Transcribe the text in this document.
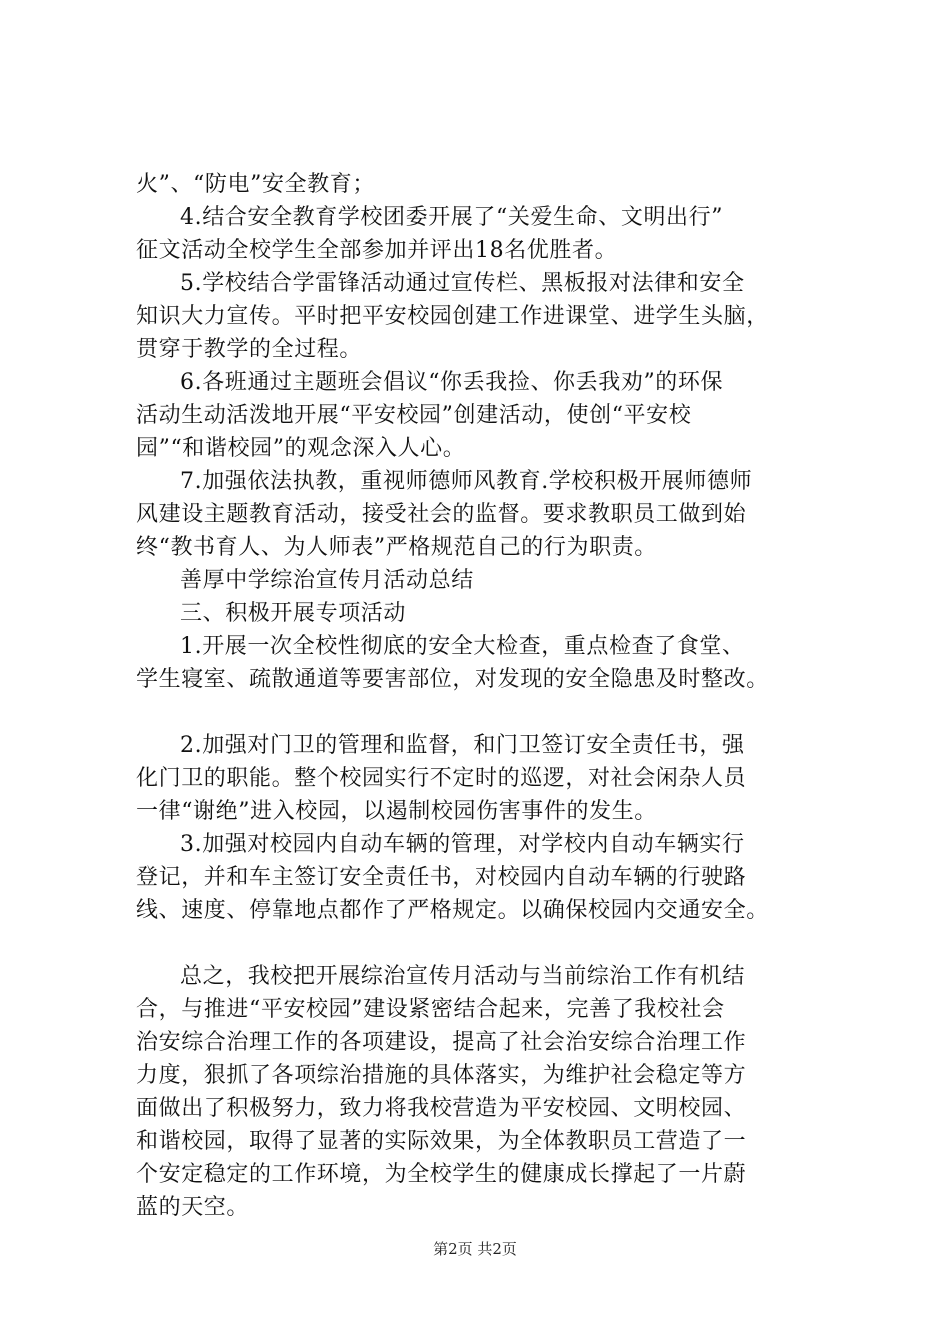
火”、“防电”安全教育；
4.结合安全教育学校团委开展了“关爱生命、文明出行”
征文活动全校学生全部参加并评出18名优胜者。
5.学校结合学雷锋活动通过宣传栏、黑板报对法律和安全
知识大力宣传。平时把平安校园创建工作进课堂、进学生头脑，
贯穿于教学的全过程。
6.各班通过主题班会倡议“你丢我捡、你丢我劝”的环保
活动生动活泼地开展“平安校园”创建活动，使创“平安校
园”“和谐校园”的观念深入人心。
7.加强依法执教，重视师德师风教育.学校积极开展师德师
风建设主题教育活动，接受社会的监督。要求教职员工做到始
终“教书育人、为人师表”严格规范自己的行为职责。
善厚中学综治宣传月活动总结
三、积极开展专项活动
1.开展一次全校性彻底的安全大检查，重点检查了食堂、
学生寝室、疏散通道等要害部位，对发现的安全隐患及时整改。
2.加强对门卫的管理和监督，和门卫签订安全责任书，强
化门卫的职能。整个校园实行不定时的巡逻，对社会闲杂人员
一律“谢绝”进入校园，以遏制校园伤害事件的发生。
3.加强对校园内自动车辆的管理，对学校内自动车辆实行
登记，并和车主签订安全责任书，对校园内自动车辆的行驶路
线、速度、停靠地点都作了严格规定。以确保校园内交通安全。
总之，我校把开展综治宣传月活动与当前综治工作有机结
合，与推进“平安校园”建设紧密结合起来，完善了我校社会
治安综合治理工作的各项建设，提高了社会治安综合治理工作
力度，狠抓了各项综治措施的具体落实，为维护社会稳定等方
面做出了积极努力，致力将我校营造为平安校园、文明校园、
和谐校园，取得了显著的实际效果，为全体教职员工营造了一
个安定稳定的工作环境，为全校学生的健康成长撑起了一片蔚
蓝的天空。
第2页 共2页
